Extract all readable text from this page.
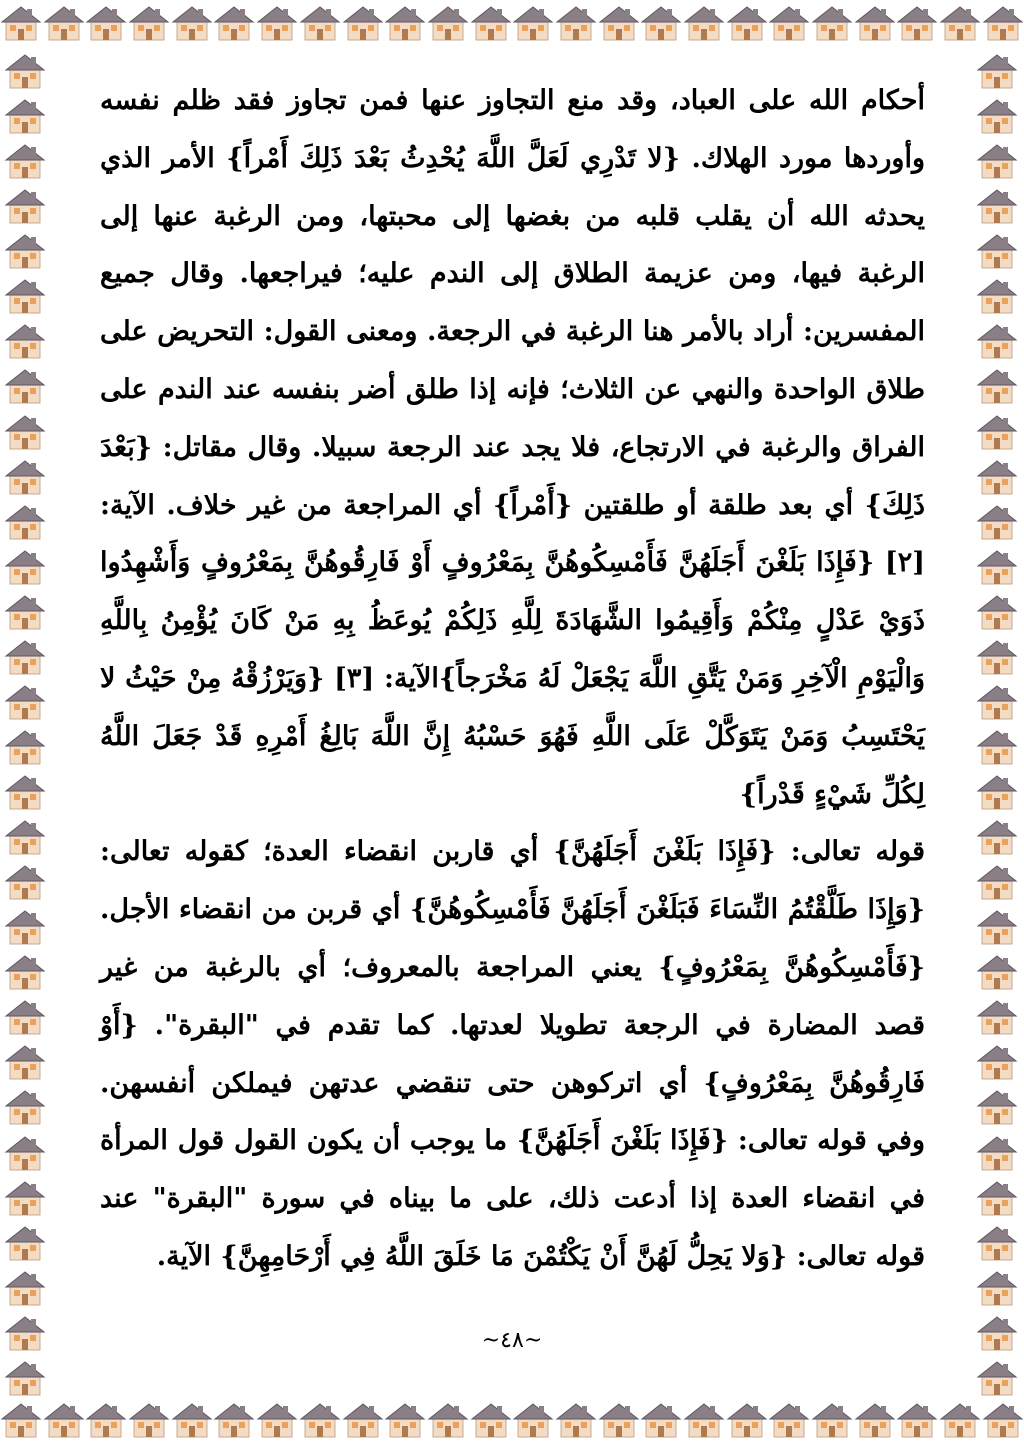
أحكام الله على العباد، وقد منع التجاوز عنها فمن تجاوز فقد ظلم نفسه وأوردها مورد الهلاك. {لا تَدْرِي لَعَلَّ اللَّهَ يُحْدِثُ بَعْدَ ذَلِكَ أَمْراً} الأمر الذي يحدثه الله أن يقلب قلبه من بغضها إلى محبتها، ومن الرغبة عنها إلى الرغبة فيها، ومن عزيمة الطلاق إلى الندم عليه؛ فيراجعها. وقال جميع المفسرين: أراد بالأمر هنا الرغبة في الرجعة. ومعنى القول: التحريض على طلاق الواحدة والنهي عن الثلاث؛ فإنه إذا طلق أضر بنفسه عند الندم على الفراق والرغبة في الارتجاع، فلا يجد عند الرجعة سبيلا. وقال مقاتل: {بَعْدَ ذَلِكَ} أي بعد طلقة أو طلقتين {أَمْراً} أي المراجعة من غير خلاف. الآية: [٢] {فَإِذَا بَلَغْنَ أَجَلَهُنَّ فَأَمْسِكُوهُنَّ بِمَعْرُوفٍ أَوْ فَارِقُوهُنَّ بِمَعْرُوفٍ وَأَشْهِدُوا ذَوَيْ عَدْلٍ مِنْكُمْ وَأَقِيمُوا الشَّهَادَةَ لِلَّهِ ذَلِكُمْ يُوعَظُ بِهِ مَنْ كَانَ يُؤْمِنُ بِاللَّهِ وَالْيَوْمِ الْآخِرِ وَمَنْ يَتَّقِ اللَّهَ يَجْعَلْ لَهُ مَخْرَجاً}الآية: [٣] {وَيَرْزُقْهُ مِنْ حَيْثُ لا يَحْتَسِبُ وَمَنْ يَتَوَكَّلْ عَلَى اللَّهِ فَهُوَ حَسْبُهُ إِنَّ اللَّهَ بَالِغُ أَمْرِهِ قَدْ جَعَلَ اللَّهُ لِكُلِّ شَيْءٍ قَدْراً}

قوله تعالى: {فَإِذَا بَلَغْنَ أَجَلَهُنَّ} أي قاربن انقضاء العدة؛ كقوله تعالى: {وَإِذَا طَلَّقْتُمُ النِّسَاءَ فَبَلَغْنَ أَجَلَهُنَّ فَأَمْسِكُوهُنَّ} أي قربن من انقضاء الأجل. {فَأَمْسِكُوهُنَّ بِمَعْرُوفٍ} يعني المراجعة بالمعروف؛ أي بالرغبة من غير قصد المضارة في الرجعة تطويلا لعدتها. كما تقدم في "البقرة". {أَوْ فَارِقُوهُنَّ بِمَعْرُوفٍ} أي اتركوهن حتى تنقضي عدتهن فيملكن أنفسهن. وفي قوله تعالى: {فَإِذَا بَلَغْنَ أَجَلَهُنَّ} ما يوجب أن يكون القول قول المرأة في انقضاء العدة إذا أدعت ذلك، على ما بيناه في سورة "البقرة" عند قوله تعالى: {وَلا يَحِلُّ لَهُنَّ أَنْ يَكْتُمْنَ مَا خَلَقَ اللَّهُ فِي أَرْحَامِهِنَّ} الآية.

~٤٨~
